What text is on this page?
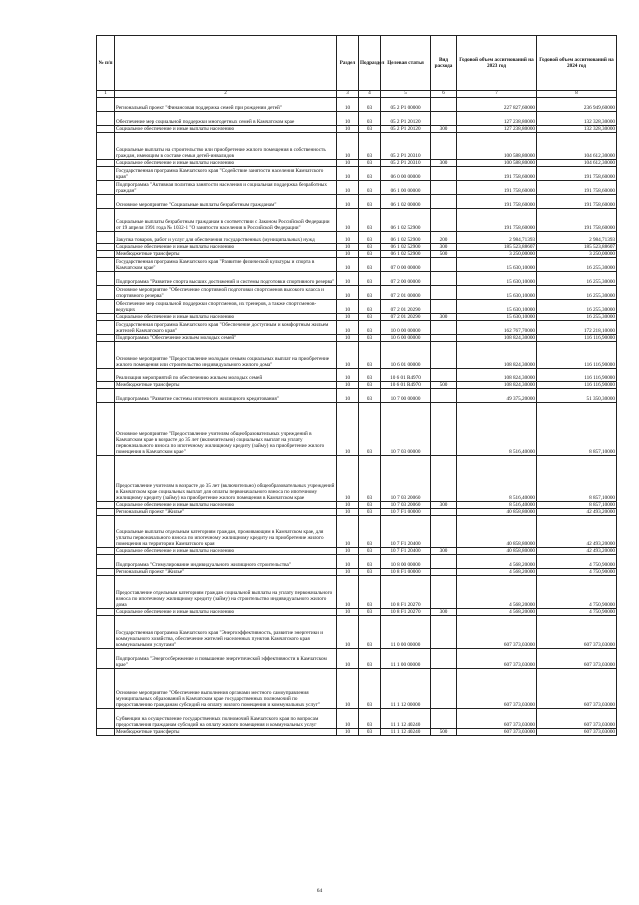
№ п/п		Раздел	Подраздел	Целевая статья	Вид расхода	Годовой объем ассигнований на 2023 год	Годовой объем ассигнований на 2024 год
1	2	3	4	5	6	7	8
	Региональный проект "Финансовая поддержка семей при рождении детей"	10	03	05 2 P1 00000		227 827,60000	236 949,60000
	Обеспечение мер социальной поддержки многодетных семей в Камчатском крае	10	03	05 2 P1 20120		127 238,80000	132 328,30000
	Социальное обеспечение и иные выплаты населению	10	03	05 2 P1 20120	300	127 238,80000	132 328,30000
	Социальные выплаты на строительство или приобретение жилого помещения в собственность граждан, имеющим в составе семьи детей-инвалидов	10	03	05 2 P1 20310		100 588,80000	104 612,30000
	Социальное обеспечение и иные выплаты населению	10	03	05 2 P1 20310	300	100 588,80000	104 612,30000
	Государственная программа Камчатского края "Содействие занятости населения Камчатского края"	10	03	06 0 00 00000		191 758,60000	191 758,60000
	Подпрограмма "Активная политика занятости населения и социальная поддержка безработных граждан"	10	03	06 1 00 00000		191 758,60000	191 758,60000
	Основное мероприятие "Социальные выплаты безработным гражданам"	10	03	06 1 02 00000		191 758,60000	191 758,60000
	Социальные выплаты безработным гражданам в соответствии с Законом Российской Федерации от 19 апреля 1991 года № 1032-1 "О занятости населения в Российской Федерации"	10	03	06 1 02 52900		191 758,60000	191 758,60000
	Закупка товаров, работ и услуг для обеспечения государственных (муниципальных) нужд	10	03	06 1 02 52900	200	2 984,71393	2 984,71393
	Социальное обеспечение и иные выплаты населению	10	03	06 1 02 52900	300	185 523,88607	185 523,88607
	Межбюджетные трансферты	10	03	06 1 02 52900	500	3 250,00000	3 250,00000
	Государственная программа Камчатского края "Развитие физической культуры и спорта в Камчатском крае"	10	03	07 0 00 00000		15 630,10000	16 255,30000
	Подпрограмма "Развитие спорта высших достижений и системы подготовки спортивного резерва"	10	03	07 2 00 00000		15 630,10000	16 255,30000
	Основное мероприятие "Обеспечение спортивной подготовки спортсменов высокого класса и спортивного резерва"	10	03	07 2 01 00000		15 630,10000	16 255,30000
	Обеспечение мер социальной поддержки спортсменов, их тренеров, а также спортсменов-ведущих	10	03	07 2 01 20290		15 630,10000	16 255,30000
	Социальное обеспечение и иные выплаты населению	10	03	07 2 01 20290	300	15 630,10000	16 255,30000
	Государственная программа Камчатского края "Обеспечение доступным и комфортным жильем жителей Камчатского края"	10	03	10 0 00 00000		162 767,70000	172 218,10000
	Подпрограмма "Обеспечение жильем молодых семей"	10	03	10 6 00 00000		108 824,30000	116 116,90000
	Основное мероприятие "Предоставление молодым семьям социальных выплат на приобретение жилого помещения или строительство индивидуального жилого дома"	10	03	10 6 01 00000		108 824,30000	116 116,90000
	Реализация мероприятий по обеспечению жильем молодых семей	10	03	10 6 01 R4970		108 824,30000	116 116,90000
	Межбюджетные трансферты	10	03	10 6 01 R4970	500	108 824,30000	116 116,90000
	Подпрограмма "Развитие системы ипотечного жилищного кредитования"	10	03	10 7 00 00000		49 375,20000	51 350,30000
	Основное мероприятие "Предоставление учителям общеобразовательных учреждений в Камчатском крае в возрасте до 35 лет (включительно) социальных выплат на уплату первоначального взноса по ипотечному жилищному кредиту (займу) на приобретение жилого помещения в Камчатском крае"	10	03	10 7 03 00000		8 516,40000	8 857,10000
	Предоставление учителям в возрасте до 35 лет (включительно) общеобразовательных учреждений в Камчатском крае социальных выплат для оплаты первоначального взноса по ипотечному жилищному кредиту (займу) на приобретение жилого помещения в Камчатском крае	10	03	10 7 03 20060		8 516,40000	8 857,10000
	Социальное обеспечение и иные выплаты населению	10	03	10 7 03 20060	300	8 516,40000	8 857,10000
	Региональный проект "Жилье"	10	03	10 7 F1 00000		40 858,80000	42 493,20000
	Социальные выплаты отдельным категориям граждан, проживающим в Камчатском крае, для уплаты первоначального взноса по ипотечному жилищному кредиту на приобретение жилого помещения на территории Камчатского края	10	03	10 7 F1 20400		40 858,80000	42 493,20000
	Социальное обеспечение и иные выплаты населению	10	03	10 7 F1 20400	300	40 858,80000	42 493,20000
	Подпрограмма "Стимулирование индивидуального жилищного строительства"	10	03	10 8 00 00000		4 568,20000	4 750,90000
	Региональный проект "Жилье"	10	03	10 8 F1 00000		4 568,20000	4 750,90000
	Предоставление отдельным категориям граждан социальной выплаты на уплату первоначального взноса по ипотечному жилищному кредиту (займу) на строительство индивидуального жилого дома	10	03	10 8 F1 20270		4 568,20000	4 750,90000
	Социальное обеспечение и иные выплаты населению	10	03	10 8 F1 20270	300	4 568,20000	4 750,90000
	Государственная программа Камчатского края "Энергоэффективность, развитие энергетики и коммунального хозяйства, обеспечение жителей населенных пунктов Камчатского края коммунальными услугами"	10	03	11 0 00 00000		607 373,03000	607 373,03000
	Подпрограмма "Энергосбережение и повышение энергетической эффективности в Камчатском крае"	10	03	11 1 00 00000		607 373,03000	607 373,03000
	Основное мероприятие "Обеспечение выполнения органами местного самоуправления муниципальных образований в Камчатском крае государственных полномочий по предоставлению гражданам субсидий на оплату жилого помещения и коммунальных услуг"	10	03	11 1 12 00000		607 373,03000	607 373,03000
	Субвенции на осуществление государственных полномочий Камчатского края по вопросам предоставления гражданам субсидий на оплату жилого помещения и коммунальных услуг	10	03	11 1 12 40240		607 373,03000	607 373,03000
	Межбюджетные трансферты	10	03	11 1 12 40240	500	607 373,03000	607 373,03000
64
